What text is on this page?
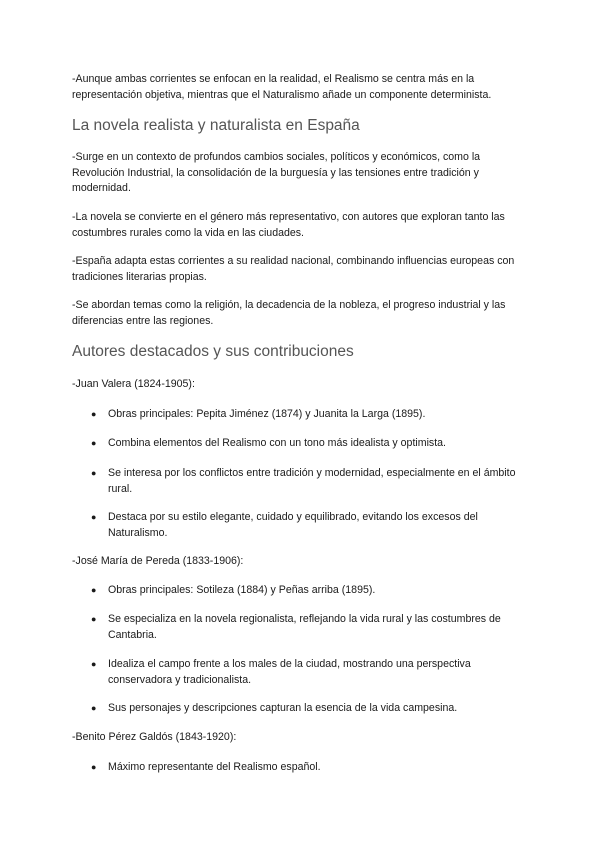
-Aunque ambas corrientes se enfocan en la realidad, el Realismo se centra más en la representación objetiva, mientras que el Naturalismo añade un componente determinista.

La novela realista y naturalista en España

-Surge en un contexto de profundos cambios sociales, políticos y económicos, como la Revolución Industrial, la consolidación de la burguesía y las tensiones entre tradición y modernidad.

-La novela se convierte en el género más representativo, con autores que exploran tanto las costumbres rurales como la vida en las ciudades.

-España adapta estas corrientes a su realidad nacional, combinando influencias europeas con tradiciones literarias propias.

-Se abordan temas como la religión, la decadencia de la nobleza, el progreso industrial y las diferencias entre las regiones.

Autores destacados y sus contribuciones

-Juan Valera (1824-1905):

●	Obras principales: Pepita Jiménez (1874) y Juanita la Larga (1895).

●	Combina elementos del Realismo con un tono más idealista y optimista.

●	Se interesa por los conflictos entre tradición y modernidad, especialmente en el ámbito rural.

●	Destaca por su estilo elegante, cuidado y equilibrado, evitando los excesos del Naturalismo.

-José María de Pereda (1833-1906):

●	Obras principales: Sotileza (1884) y Peñas arriba (1895).

●	Se especializa en la novela regionalista, reflejando la vida rural y las costumbres de Cantabria.

●	Idealiza el campo frente a los males de la ciudad, mostrando una perspectiva conservadora y tradicionalista.

●	Sus personajes y descripciones capturan la esencia de la vida campesina.

-Benito Pérez Galdós (1843-1920):

●	Máximo representante del Realismo español.
